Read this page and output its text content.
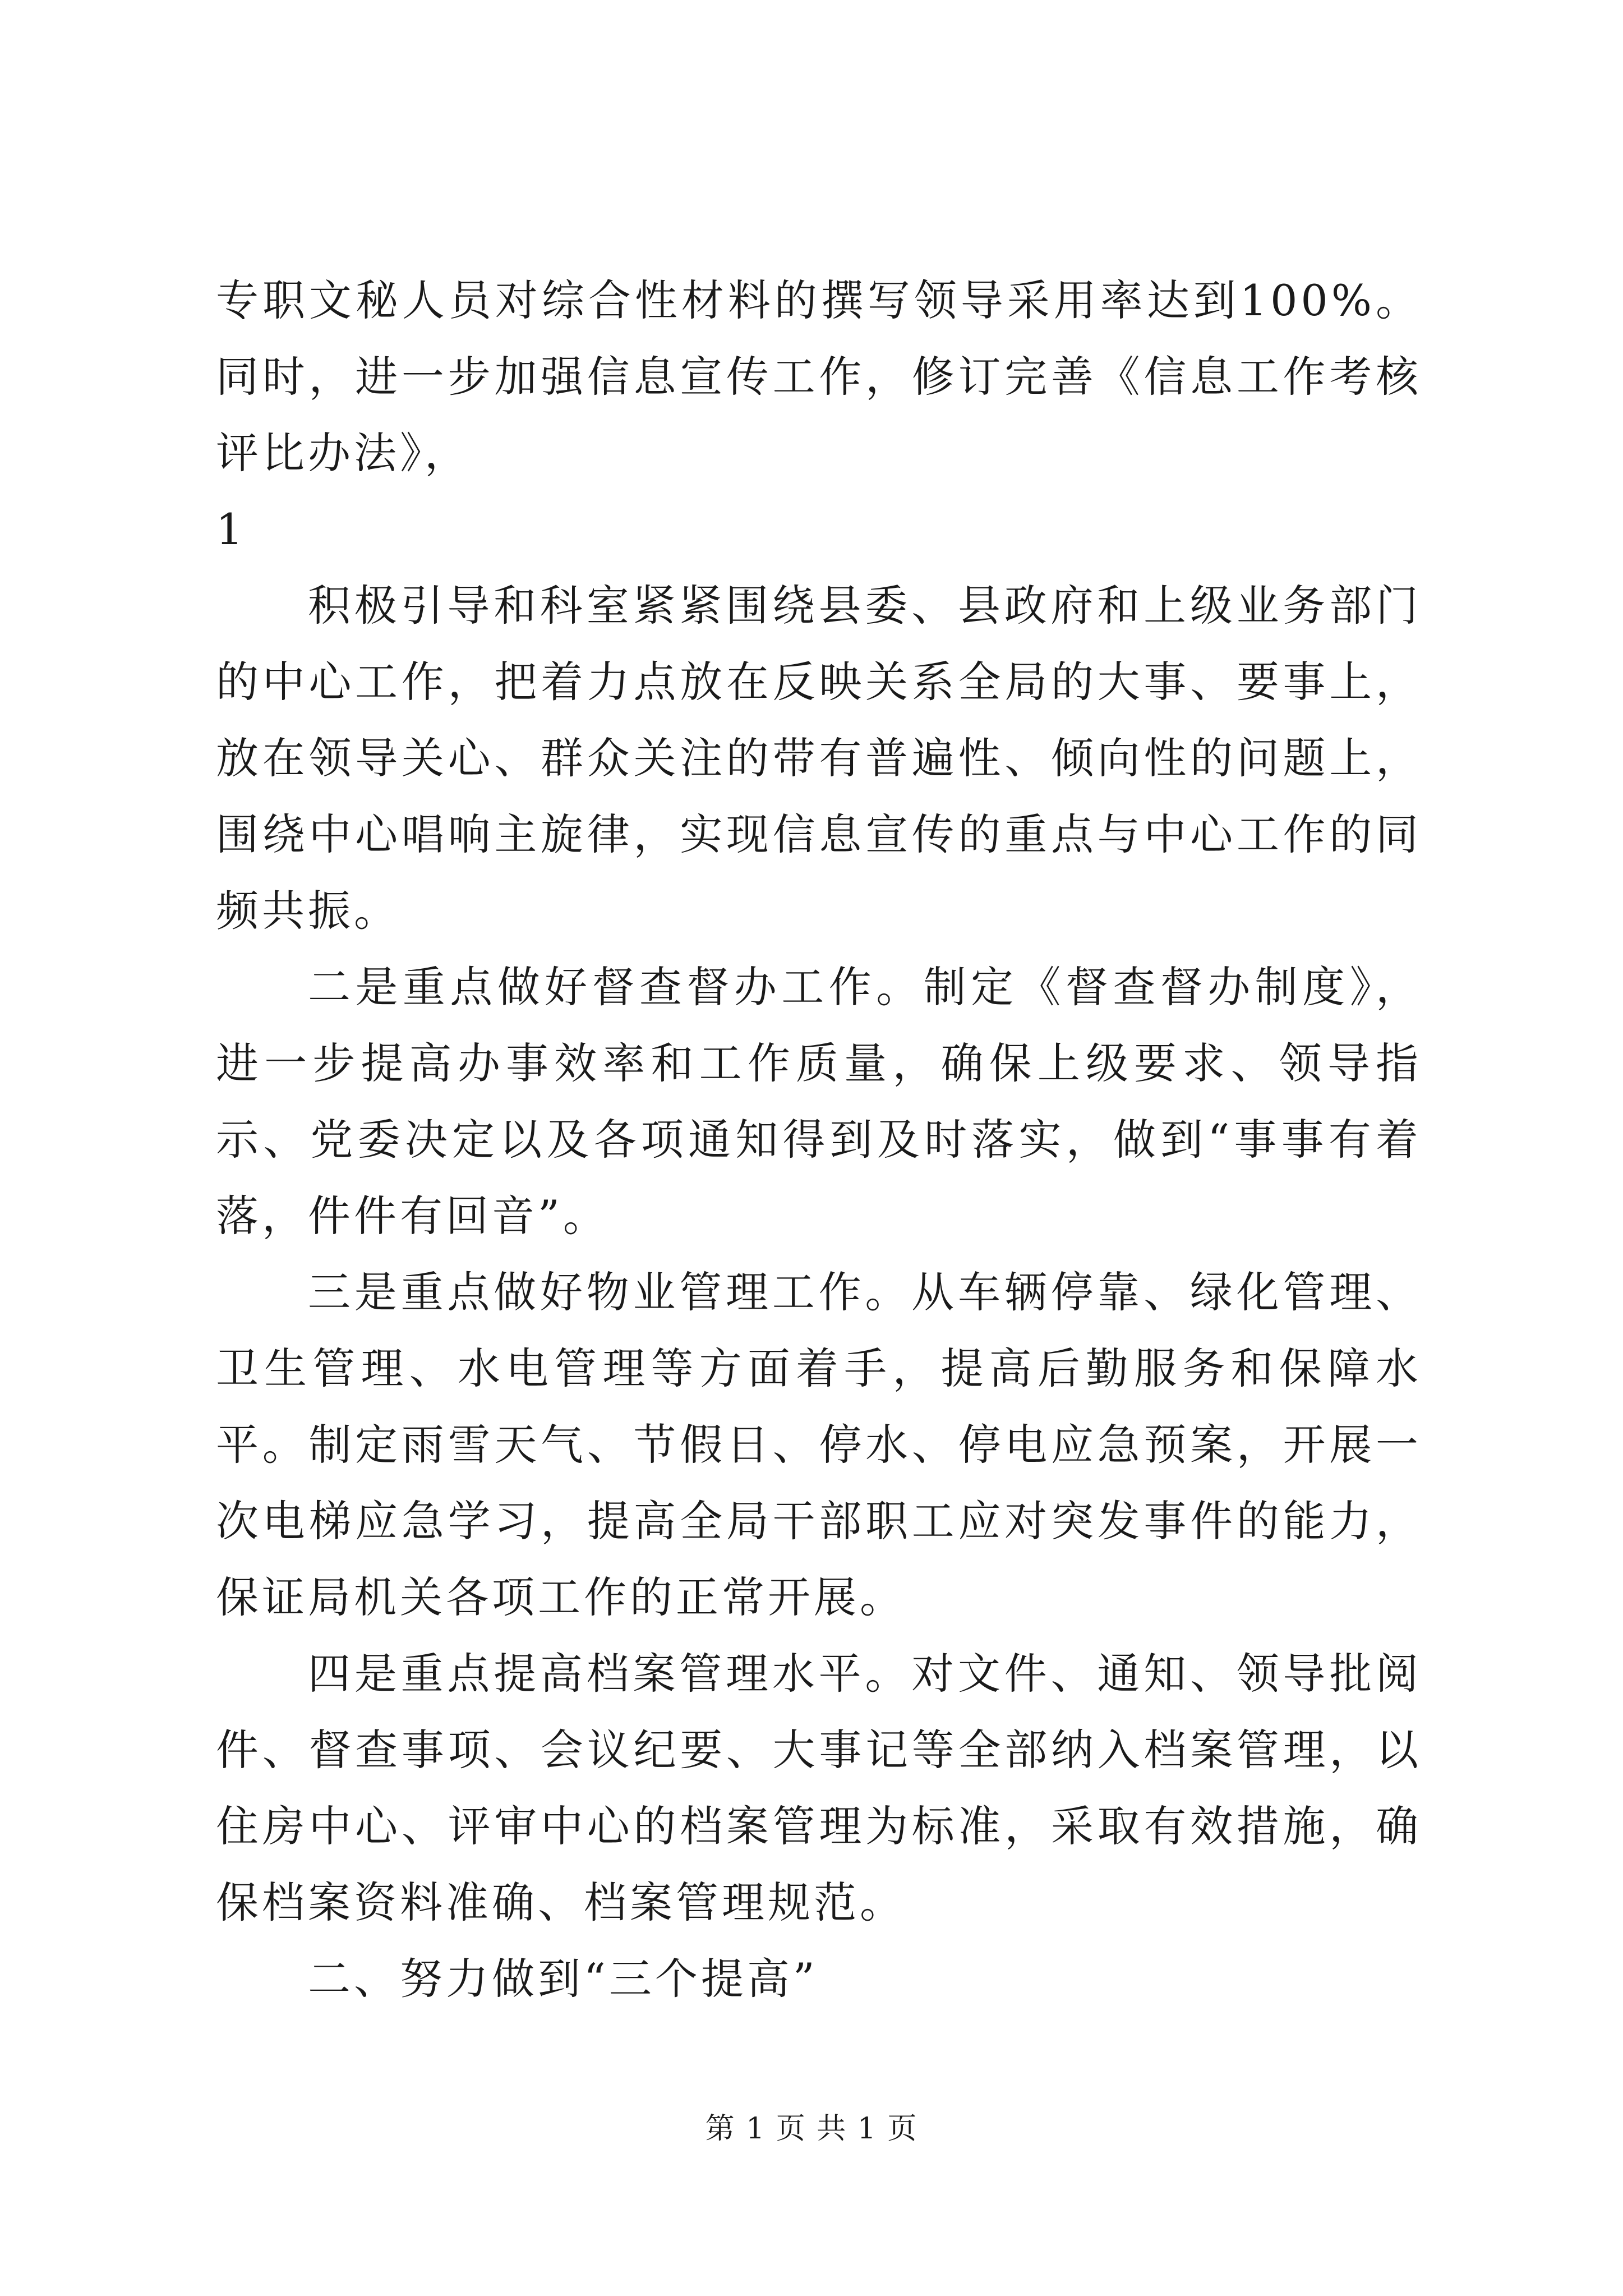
专职文秘人员对综合性材料的撰写领导采用率达到100%。同时，进一步加强信息宣传工作，修订完善《信息工作考核评比办法》，

1

积极引导和科室紧紧围绕县委、县政府和上级业务部门的中心工作，把着力点放在反映关系全局的大事、要事上，放在领导关心、群众关注的带有普遍性、倾向性的问题上，围绕中心唱响主旋律，实现信息宣传的重点与中心工作的同频共振。

二是重点做好督查督办工作。制定《督查督办制度》，进一步提高办事效率和工作质量，确保上级要求、领导指示、党委决定以及各项通知得到及时落实，做到“事事有着落，件件有回音”。

三是重点做好物业管理工作。从车辆停靠、绿化管理、卫生管理、水电管理等方面着手，提高后勤服务和保障水平。制定雨雪天气、节假日、停水、停电应急预案，开展一次电梯应急学习，提高全局干部职工应对突发事件的能力，保证局机关各项工作的正常开展。

四是重点提高档案管理水平。对文件、通知、领导批阅件、督查事项、会议纪要、大事记等全部纳入档案管理，以住房中心、评审中心的档案管理为标准，采取有效措施，确保档案资料准确、档案管理规范。

二、努力做到“三个提高”

第 1 页 共 1 页
